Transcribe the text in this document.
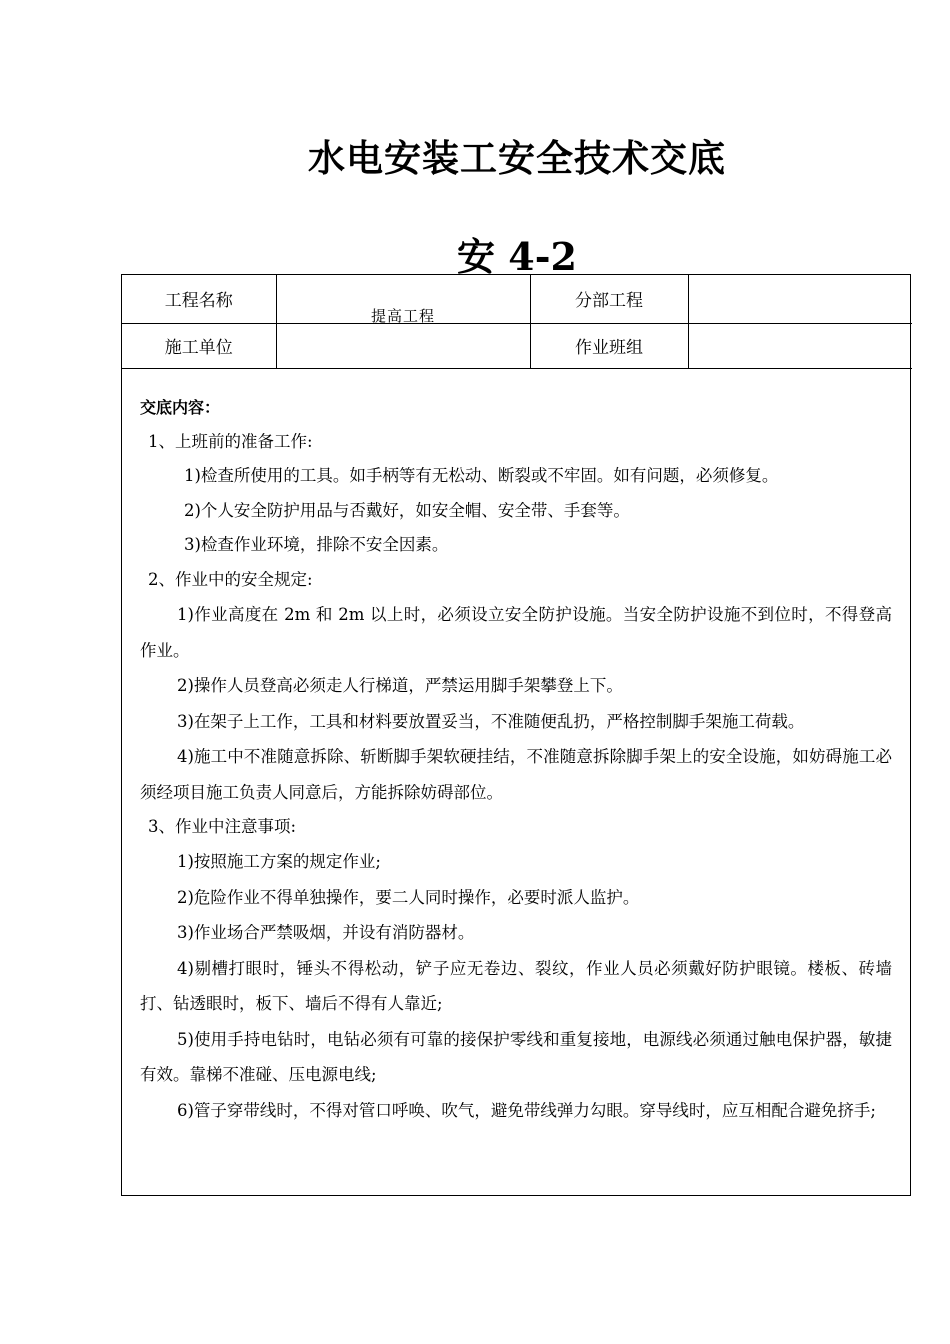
水电安装工安全技术交底
安 4-2
工程名称	提高工程	分部工程	
施工单位		作业班组	
交底内容：
1、上班前的准备工作:
1)检查所使用的工具。如手柄等有无松动、断裂或不牢固。如有问题，必须修复。
2)个人安全防护用品与否戴好，如安全帽、安全带、手套等。
3)检查作业环境，排除不安全因素。
2、作业中的安全规定:

1)作业高度在 2m 和 2m 以上时，必须设立安全防护设施。当安全防护设施不到位时，不得登高作业。

2)操作人员登高必须走人行梯道，严禁运用脚手架攀登上下。

3)在架子上工作，工具和材料要放置妥当，不准随便乱扔，严格控制脚手架施工荷载。

4)施工中不准随意拆除、斩断脚手架软硬挂结，不准随意拆除脚手架上的安全设施，如妨碍施工必须经项目施工负责人同意后，方能拆除妨碍部位。

3、作业中注意事项:

1)按照施工方案的规定作业;

2)危险作业不得单独操作，要二人同时操作，必要时派人监护。

3)作业场合严禁吸烟，并设有消防器材。

4)剔槽打眼时，锤头不得松动，铲子应无卷边、裂纹，作业人员必须戴好防护眼镜。楼板、砖墙打、钻透眼时，板下、墙后不得有人靠近;

5)使用手持电钻时，电钻必须有可靠的接保护零线和重复接地，电源线必须通过触电保护器，敏捷有效。靠梯不准碰、压电源电线;

6)管子穿带线时，不得对管口呼唤、吹气，避免带线弹力勾眼。穿导线时，应互相配合避免挤手;
